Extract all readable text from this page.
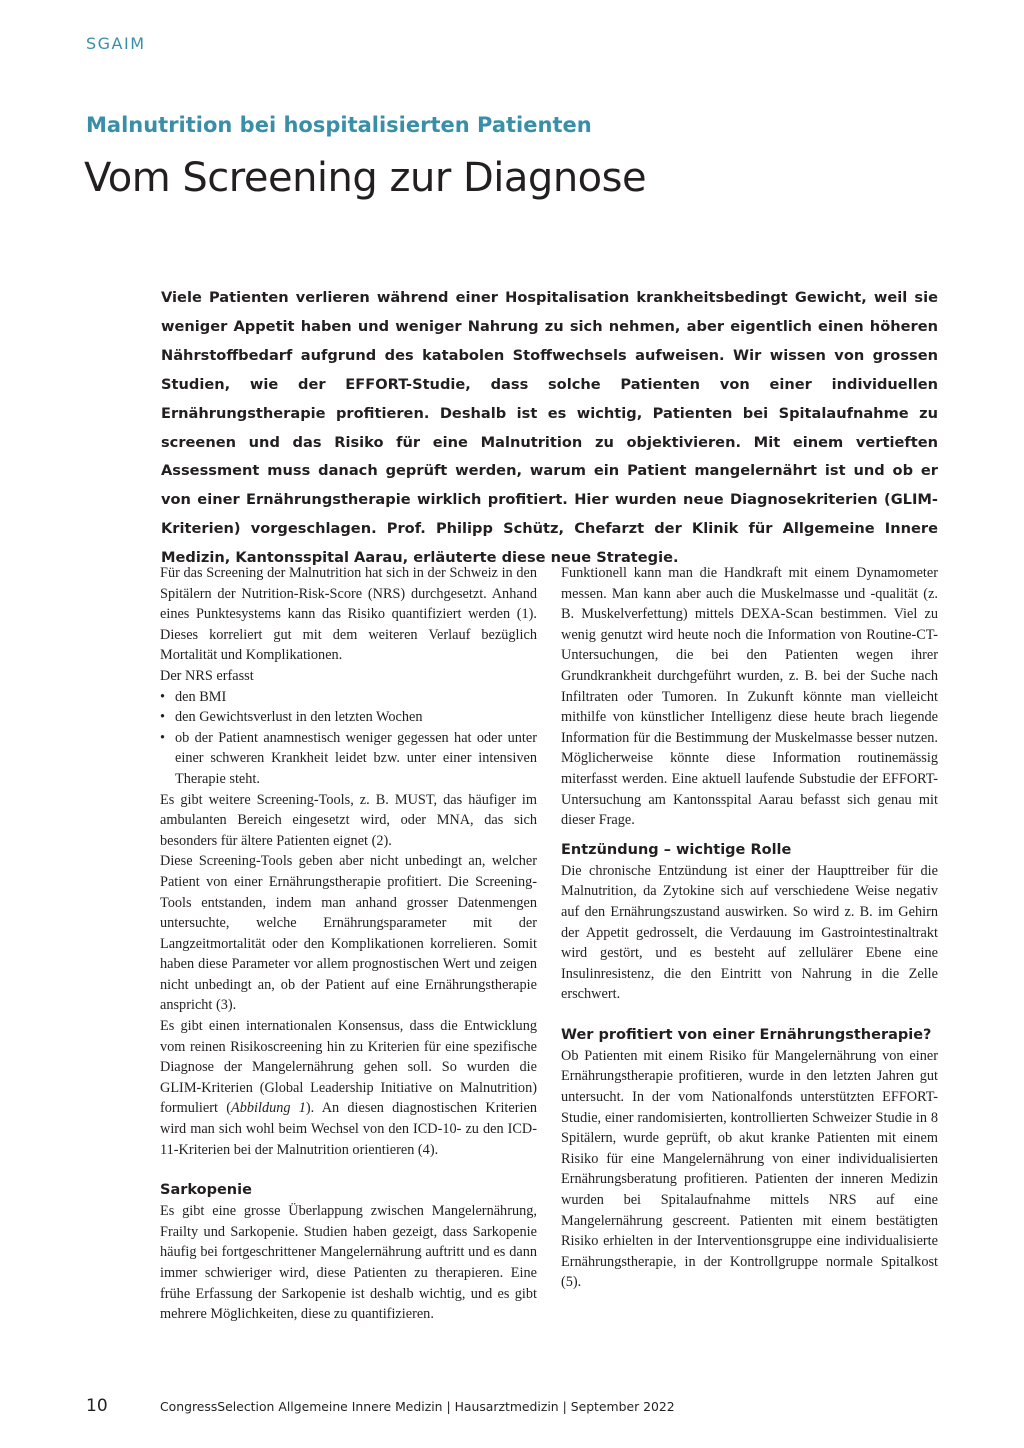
SGAIM
Malnutrition bei hospitalisierten Patienten
Vom Screening zur Diagnose
Viele Patienten verlieren während einer Hospitalisation krankheitsbedingt Gewicht, weil sie weniger Appetit haben und weniger Nahrung zu sich nehmen, aber eigentlich einen höheren Nährstoffbedarf aufgrund des katabolen Stoffwechsels aufweisen. Wir wissen von grossen Studien, wie der EFFORT-Studie, dass solche Patienten von einer individuellen Ernährungstherapie profitieren. Deshalb ist es wichtig, Patienten bei Spitalaufnahme zu screenen und das Risiko für eine Malnutrition zu objektivieren. Mit einem vertieften Assessment muss danach geprüft werden, warum ein Patient mangelernährt ist und ob er von einer Ernährungstherapie wirklich profitiert. Hier wurden neue Diagnosekriterien (GLIM-Kriterien) vorgeschlagen. Prof. Philipp Schütz, Chefarzt der Klinik für Allgemeine Innere Medizin, Kantonsspital Aarau, erläuterte diese neue Strategie.

Für das Screening der Malnutrition hat sich in der Schweiz in den Spitälern der Nutrition-Risk-Score (NRS) durchgesetzt. Anhand eines Punktesystems kann das Risiko quantifiziert werden (1). Dieses korreliert gut mit dem weiteren Verlauf bezüglich Mortalität und Komplikationen.

Der NRS erfasst

• den BMI
• den Gewichtsverlust in den letzten Wochen
• ob der Patient anamnestisch weniger gegessen hat oder unter einer schweren Krankheit leidet bzw. unter einer intensiven Therapie steht.

Es gibt weitere Screening-Tools, z. B. MUST, das häufiger im ambulanten Bereich eingesetzt wird, oder MNA, das sich besonders für ältere Patienten eignet (2).

Diese Screening-Tools geben aber nicht unbedingt an, welcher Patient von einer Ernährungstherapie profitiert. Die Screening-Tools entstanden, indem man anhand grosser Datenmengen untersuchte, welche Ernährungsparameter mit der Langzeitmortalität oder den Komplikationen korrelieren. Somit haben diese Parameter vor allem prognostischen Wert und zeigen nicht unbedingt an, ob der Patient auf eine Ernährungstherapie anspricht (3).

Es gibt einen internationalen Konsensus, dass die Entwicklung vom reinen Risikoscreening hin zu Kriterien für eine spezifische Diagnose der Mangelernährung gehen soll. So wurden die GLIM-Kriterien (Global Leadership Initiative on Malnutrition) formuliert (Abbildung 1). An diesen diagnostischen Kriterien wird man sich wohl beim Wechsel von den ICD-10- zu den ICD-11-Kriterien bei der Malnutrition orientieren (4).

Sarkopenie

Es gibt eine grosse Überlappung zwischen Mangelernährung, Frailty und Sarkopenie. Studien haben gezeigt, dass Sarkopenie häufig bei fortgeschrittener Mangelernährung auftritt und es dann immer schwieriger wird, diese Patienten zu therapieren. Eine frühe Erfassung der Sarkopenie ist deshalb wichtig, und es gibt mehrere Möglichkeiten, diese zu quantifizieren.

Funktionell kann man die Handkraft mit einem Dynamometer messen. Man kann aber auch die Muskelmasse und -qualität (z. B. Muskelverfettung) mittels DEXA-Scan bestimmen. Viel zu wenig genutzt wird heute noch die Information von Routine-CT-Untersuchungen, die bei den Patienten wegen ihrer Grundkrankheit durchgeführt wurden, z. B. bei der Suche nach Infiltraten oder Tumoren. In Zukunft könnte man vielleicht mithilfe von künstlicher Intelligenz diese heute brach liegende Information für die Bestimmung der Muskelmasse besser nutzen. Möglicherweise könnte diese Information routinemässig miterfasst werden. Eine aktuell laufende Substudie der EFFORT-Untersuchung am Kantonsspital Aarau befasst sich genau mit dieser Frage.

Entzündung – wichtige Rolle

Die chronische Entzündung ist einer der Haupttreiber für die Malnutrition, da Zytokine sich auf verschiedene Weise negativ auf den Ernährungszustand auswirken. So wird z. B. im Gehirn der Appetit gedrosselt, die Verdauung im Gastrointestinaltrakt wird gestört, und es besteht auf zellulärer Ebene eine Insulinresistenz, die den Eintritt von Nahrung in die Zelle erschwert.

Wer profitiert von einer Ernährungstherapie?

Ob Patienten mit einem Risiko für Mangelernährung von einer Ernährungstherapie profitieren, wurde in den letzten Jahren gut untersucht. In der vom Nationalfonds unterstützten EFFORT-Studie, einer randomisierten, kontrollierten Schweizer Studie in 8 Spitälern, wurde geprüft, ob akut kranke Patienten mit einem Risiko für eine Mangelernährung von einer individualisierten Ernährungsberatung profitieren. Patienten der inneren Medizin wurden bei Spitalaufnahme mittels NRS auf eine Mangelernährung gescreent. Patienten mit einem bestätigten Risiko erhielten in der Interventionsgruppe eine individualisierte Ernährungstherapie, in der Kontrollgruppe normale Spitalkost (5).

10	CongressSelection Allgemeine Innere Medizin | Hausarztmedizin | September 2022
